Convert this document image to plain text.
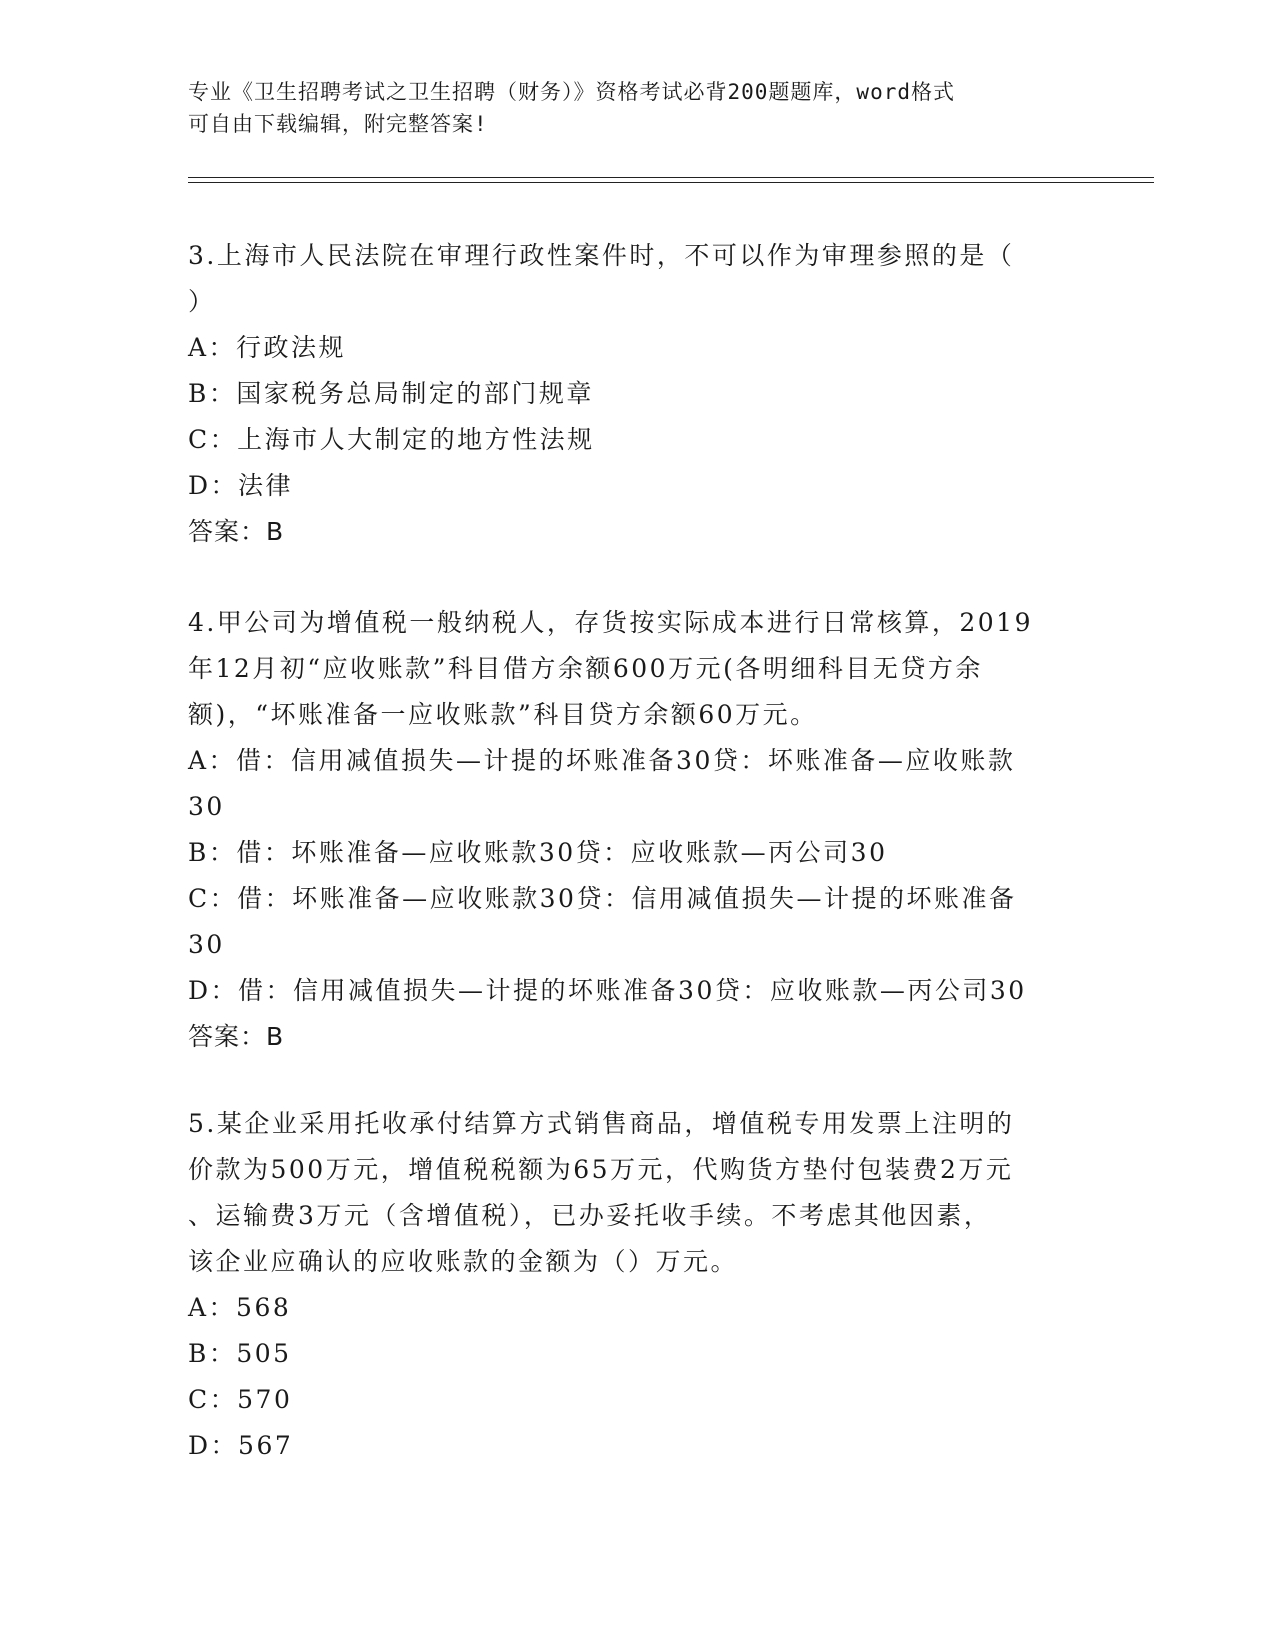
专业《卫生招聘考试之卫生招聘（财务）》资格考试必背200题题库，word格式
可自由下载编辑，附完整答案!
3.上海市人民法院在审理行政性案件时，不可以作为审理参照的是（
）
A：行政法规
B：国家税务总局制定的部门规章
C：上海市人大制定的地方性法规
D：法律
答案：B
4.甲公司为增值税一般纳税人，存货按实际成本进行日常核算，2019
年12月初“应收账款”科目借方余额600万元(各明细科目无贷方余
额)，“坏账准备一应收账款”科目贷方余额60万元。
A：借：信用减值损失—计提的坏账准备30贷：坏账准备—应收账款
30
B：借：坏账准备—应收账款30贷：应收账款—丙公司30
C：借：坏账准备—应收账款30贷：信用减值损失—计提的坏账准备
30
D：借：信用减值损失—计提的坏账准备30贷：应收账款—丙公司30
答案：B
5.某企业采用托收承付结算方式销售商品，增值税专用发票上注明的
价款为500万元，增值税税额为65万元，代购货方垫付包装费2万元
、运输费3万元（含增值税），已办妥托收手续。不考虑其他因素，
该企业应确认的应收账款的金额为（）万元。
A：568
B：505
C：570
D：567
